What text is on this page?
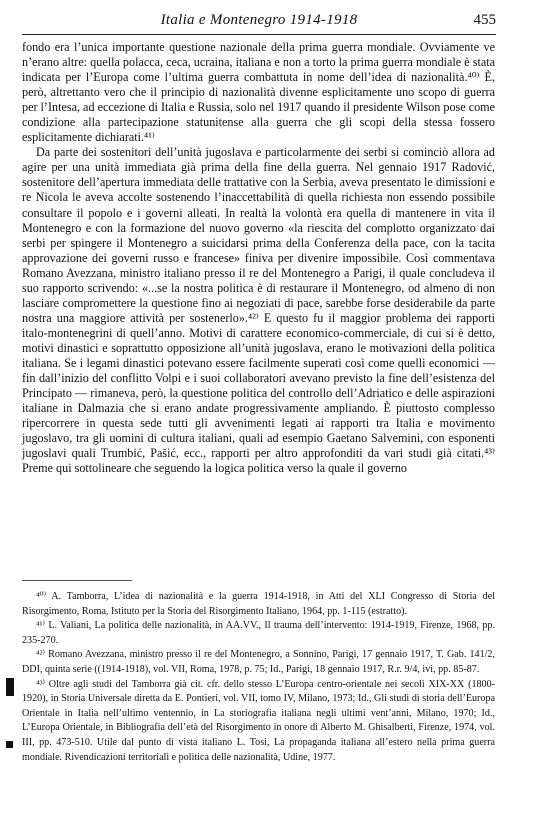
Italia e Montenegro 1914-1918	455

fondo era l’unica importante questione nazionale della prima guerra mondiale. Ovviamente ve n’erano altre: quella polacca, ceca, ucraina, italiana e non a torto la prima guerra mondiale è stata indicata per l’Europa come l’ultima guerra combattuta in nome dell’idea di nazionalità.⁴⁰⁾ È, però, altrettanto vero che il principio di nazionalità divenne esplicitamente uno scopo di guerra per l’Intesa, ad eccezione di Italia e Russia, solo nel 1917 quando il presidente Wilson pose come condizione alla partecipazione statunitense alla guerra che gli scopi della stessa fossero esplicitamente dichiarati.⁴¹⁾

Da parte dei sostenitori dell’unità jugoslava e particolarmente dei serbi si cominciò allora ad agire per una unità immediata già prima della fine della guerra. Nel gennaio 1917 Radović, sostenitore dell’apertura immediata delle trattative con la Serbia, aveva presentato le dimissioni e re Nicola le aveva accolte sostenendo l’inaccettabilità di quella richiesta non essendo possibile consultare il popolo e i governi alleati. In realtà la volontà era quella di mantenere in vita il Montenegro e con la formazione del nuovo governo «la riescita del complotto organizzato dai serbi per spingere il Montenegro a suicidarsi prima della Conferenza della pace, con la tacita approvazione dei governi russo e francese» finiva per divenire impossibile. Così commentava Romano Avezzana, ministro italiano presso il re del Montenegro a Parigi, il quale concludeva il suo rapporto scrivendo: «...se la nostra politica è di restaurare il Montenegro, od almeno di non lasciare compromettere la questione fino ai negoziati di pace, sarebbe forse desiderabile da parte nostra una maggiore attività per sostenerlo».⁴²⁾ E questo fu il maggior problema dei rapporti italo-montenegrini di quell’anno. Motivi di carattere economico-commerciale, di cui si è detto, motivi dinastici e soprattutto opposizione all’unità jugoslava, erano le motivazioni della politica italiana. Se i legami dinastici potevano essere facilmente superati così come quelli economici — fin dall’inizio del conflitto Volpi e i suoi collaboratori avevano previsto la fine dell’esistenza del Principato — rimaneva, però, la questione politica del controllo dell’Adriatico e delle aspirazioni italiane in Dalmazia che si erano andate progressivamente ampliando. È piuttosto complesso ripercorrere in questa sede tutti gli avvenimenti legati ai rapporti tra Italia e movimento jugoslavo, tra gli uomini di cultura italiani, quali ad esempio Gaetano Salvemini, con esponenti jugoslavi quali Trumbić, Pašić, ecc., rapporti per altro approfonditi da vari studi già citati.⁴³⁾ Preme qui sottolineare che seguendo la logica politica verso la quale il governo

⁴⁰⁾ A. Tamborra, L’idea di nazionalità e la guerra 1914-1918, in Atti del XLI Congresso di Storia del Risorgimento, Roma, Istituto per la Storia del Risorgimento Italiano, 1964, pp. 1-115 (estratto).

⁴¹⁾ L. Valiani, La politica delle nazionalità, in AA.VV., Il trauma dell’intervento: 1914-1919, Firenze, 1968, pp. 235-270.

⁴²⁾ Romano Avezzana, ministro presso il re del Montenegro, a Sonnino, Parigi, 17 gennaio 1917, T. Gab. 141/2, DDI, quinta serie ((1914-1918), vol. VII, Roma, 1978, p. 75; Id., Parigi, 18 gennaio 1917, R.r. 9/4, ivi, pp. 85-87.

⁴³⁾ Oltre agli studi del Tamborra già cit. cfr. dello stesso L’Europa centro-orientale nei secoli XIX-XX (1800-1920), in Storia Universale diretta da E. Pontieri, vol. VII, tomo IV, Milano, 1973; Id., Gli studi di storia dell’Europa Orientale in Italia nell’ultimo ventennio, in La storiografia italiana negli ultimi vent’anni, Milano, 1970; Id., L’Europa Orientale, in Bibliografia dell’età del Risorgimento in onore di Alberto M. Ghisalberti, Firenze, 1974, vol. III, pp. 473-510. Utile dal punto di vista italiano L. Tosi, La propaganda italiana all’estero nella prima guerra mondiale. Rivendicazioni territoriali e politica delle nazionalità, Udine, 1977.
